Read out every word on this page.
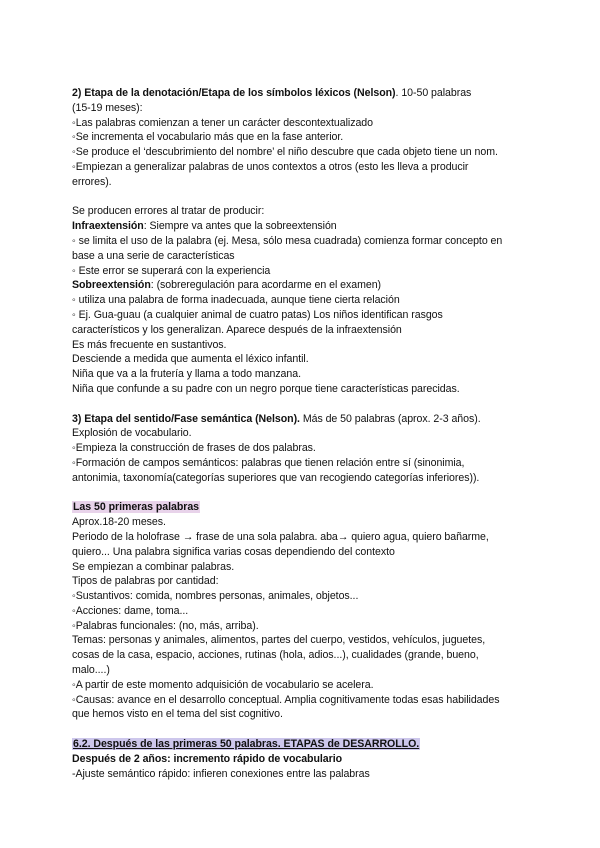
2) Etapa de la denotación/Etapa de los símbolos léxicos (Nelson). 10-50 palabras
(15-19 meses):
◦Las palabras comienzan a tener un carácter descontextualizado
◦Se incrementa el vocabulario más que en la fase anterior.
◦Se produce el ‘descubrimiento del nombre’ el niño descubre que cada objeto tiene un nom.
◦Empiezan a generalizar palabras de unos contextos a otros (esto les lleva a producir
errores).
Se producen errores al tratar de producir:
Infraextensión: Siempre va antes que la sobreextensión
◦ se limita el uso de la palabra (ej. Mesa, sólo mesa cuadrada) comienza formar concepto en
base a una serie de características
◦ Este error se superará con la experiencia
Sobreextensión: (sobreregulación para acordarme en el examen)
◦ utiliza una palabra de forma inadecuada, aunque tiene cierta relación
◦ Ej. Gua-guau (a cualquier animal de cuatro patas) Los niños identifican rasgos
característicos y los generalizan. Aparece después de la infraextensión
Es más frecuente en sustantivos.
Desciende a medida que aumenta el léxico infantil.
Niña que va a la frutería y llama a todo manzana.
Niña que confunde a su padre con un negro porque tiene características parecidas.
3) Etapa del sentido/Fase semántica (Nelson). Más de 50 palabras (aprox. 2-3 años).
Explosión de vocabulario.
◦Empieza la construcción de frases de dos palabras.
◦Formación de campos semánticos: palabras que tienen relación entre sí (sinonimia,
antonimia, taxonomía(categorías superiores que van recogiendo categorías inferiores)).
Las 50 primeras palabras
Aprox.18-20 meses.
Periodo de la holofrase → frase de una sola palabra. aba→ quiero agua, quiero bañarme,
quiero... Una palabra significa varias cosas dependiendo del contexto
Se empiezan a combinar palabras.
Tipos de palabras por cantidad:
◦Sustantivos: comida, nombres personas, animales, objetos...
◦Acciones: dame, toma...
◦Palabras funcionales: (no, más, arriba).
Temas: personas y animales, alimentos, partes del cuerpo, vestidos, vehículos, juguetes,
cosas de la casa, espacio, acciones, rutinas (hola, adios...), cualidades (grande, bueno,
malo....)
◦A partir de este momento adquisición de vocabulario se acelera.
◦Causas: avance en el desarrollo conceptual. Amplia cognitivamente todas esas habilidades
que hemos visto en el tema del sist cognitivo.
6.2. Después de las primeras 50 palabras. ETAPAS de DESARROLLO.
Después de 2 años: incremento rápido de vocabulario
-Ajuste semántico rápido: infieren conexiones entre las palabras
